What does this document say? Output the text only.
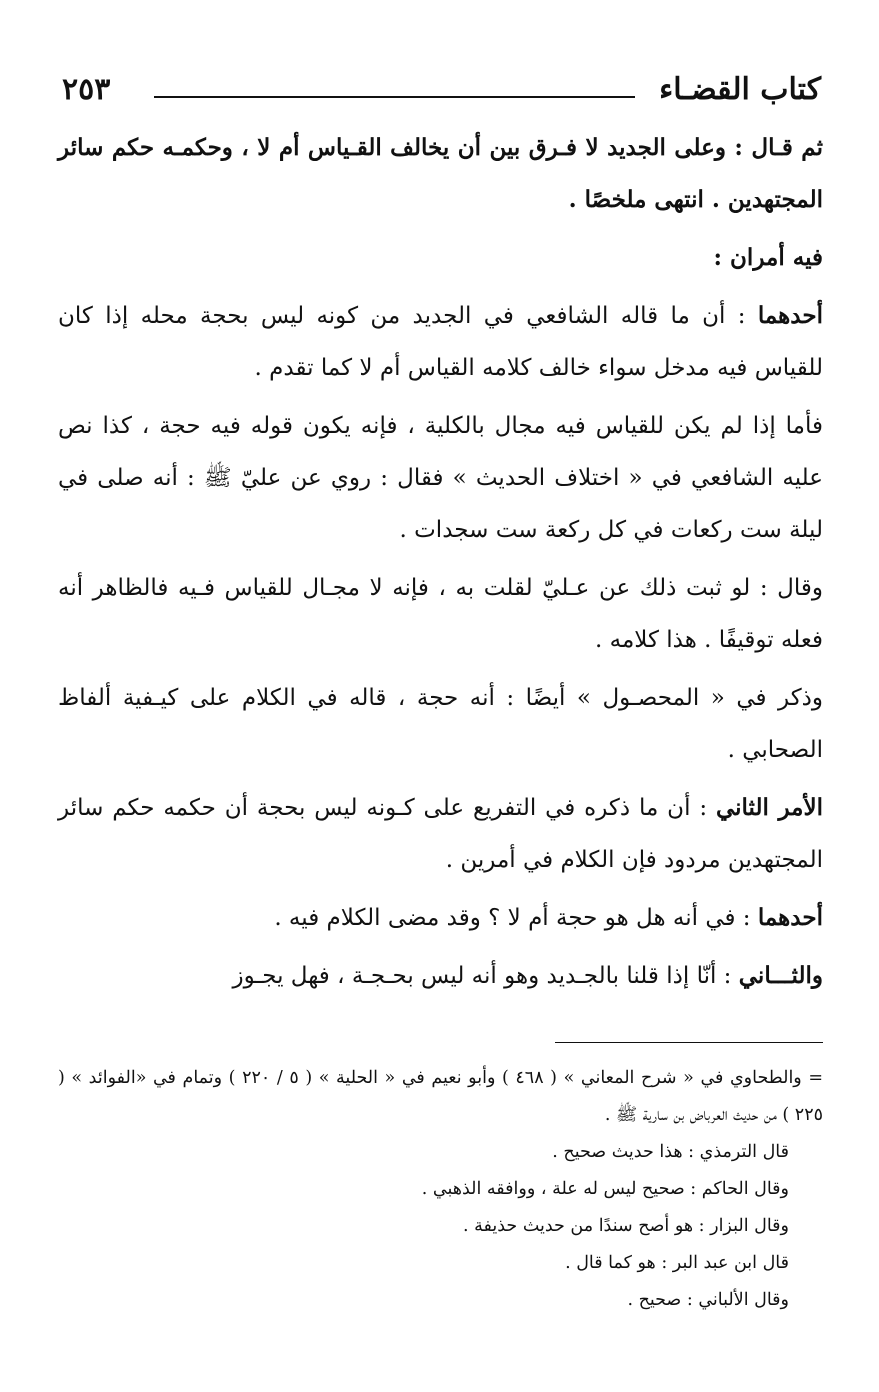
كتاب القضـاء
٢٥٣

ثم قـال : وعلى الجديد لا فـرق بين أن يخالف القـياس أم لا ، وحكمـه حكم سائر المجتهدين . انتهى ملخصًا .

فيه أمران :

أحدهما : أن ما قاله الشافعي في الجديد من كونه ليس بحجة محله إذا كان للقياس فيه مدخل سواء خالف كلامه القياس أم لا كما تقدم .

فأما إذا لم يكن للقياس فيه مجال بالكلية ، فإنه يكون قوله فيه حجة ، كذا نص عليه الشافعي في « اختلاف الحديث » فقال : روي عن عليّ ﷺ : أنه صلى في ليلة ست ركعات في كل ركعة ست سجدات .

وقال : لو ثبت ذلك عن عـليّ لقلت به ، فإنه لا مجـال للقياس فـيه فالظاهر أنه فعله توقيفًا . هذا كلامه .

وذكر في « المحصـول » أيضًا : أنه حجة ، قاله في الكلام على كيـفية ألفاظ الصحابي .

الأمر الثاني : أن ما ذكره في التفريع على كـونه ليس بحجة أن حكمه حكم سائر المجتهدين مردود فإن الكلام في أمرين .

أحدهما : في أنه هل هو حجة أم لا ؟ وقد مضى الكلام فيه .

والثـــاني : أنّا إذا قلنا بالجـديد وهو أنه ليس بحـجـة ، فهل يجـوز

= والطحاوي في « شرح المعاني » ( ٤٦٨ ) وأبو نعيم في « الحلية » ( ٥ / ٢٢٠ ) وتمام في «الفوائد » ( ٢٢٥ ) من حديث العرباض بن سارية ﷺ .

قال الترمذي : هذا حديث صحيح .

وقال الحاكم : صحيح ليس له علة ، ووافقه الذهبي .

وقال البزار : هو أصح سندًا من حديث حذيفة .

قال ابن عبد البر : هو كما قال .

وقال الألباني : صحيح .
